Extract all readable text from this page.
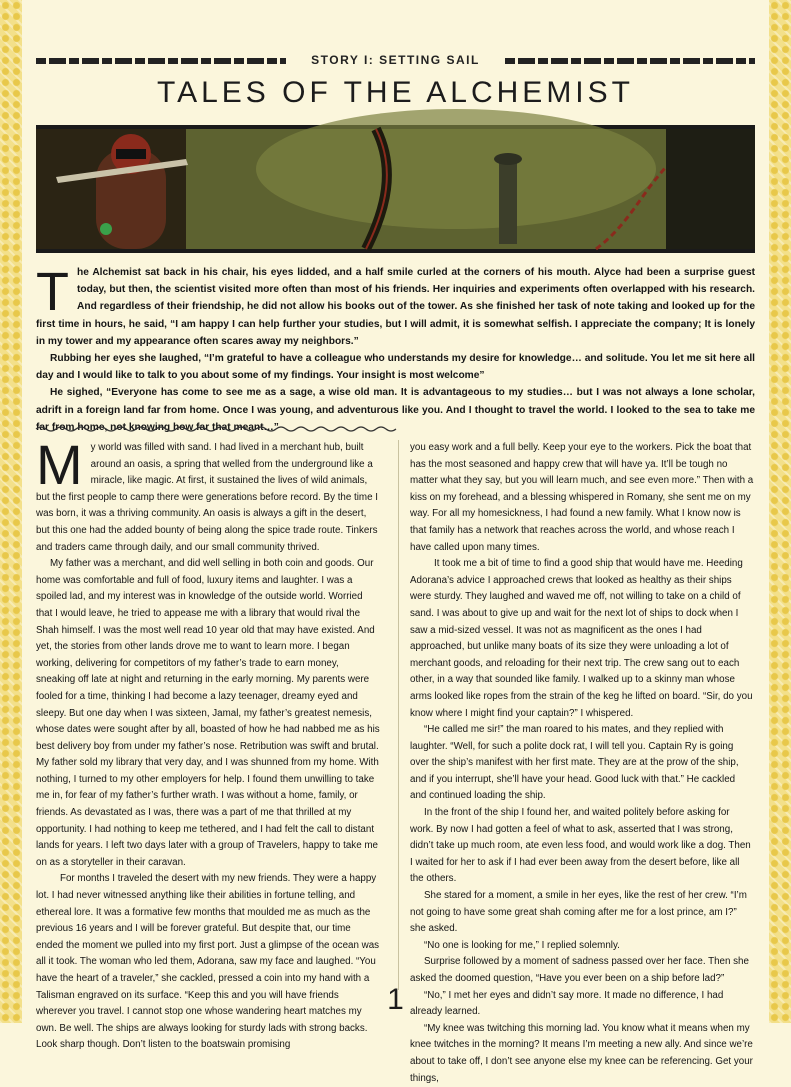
STORY I: SETTING SAIL
TALES OF THE ALCHEMIST

The Alchemist sat back in his chair, his eyes lidded, and a half smile curled at the corners of his mouth. Alyce had been a surprise guest today, but then, the scientist visited more often than most of his friends. Her inquiries and experiments often overlapped with his research. And regardless of their friendship, he did not allow his books out of the tower. As she finished her task of note taking and looked up for the first time in hours, he said, “I am happy I can help further your studies, but I will admit, it is somewhat selfish. I appreciate the company; It is lonely in my tower and my appearance often scares away my neighbors.”

Rubbing her eyes she laughed, “I’m grateful to have a colleague who understands my desire for knowledge… and solitude. You let me sit here all day and I would like to talk to you about some of my findings. Your insight is most welcome”

He sighed, “Everyone has come to see me as a sage, a wise old man. It is advantageous to my studies… but I was not always a lone scholar, adrift in a foreign land far from home. Once I was young, and adventurous like you. And I thought to travel the world. I looked to the sea to take me far from home, not knowing how far that meant…”

My world was filled with sand. I had lived in a merchant hub, built around an oasis, a spring that welled from the underground like a miracle, like magic. At first, it sustained the lives of wild animals, but the first people to camp there were generations before record. By the time I was born, it was a thriving community. An oasis is always a gift in the desert, but this one had the added bounty of being along the spice trade route. Tinkers and traders came through daily, and our small community thrived.

My father was a merchant, and did well selling in both coin and goods. Our home was comfortable and full of food, luxury items and laughter. I was a spoiled lad, and my interest was in knowledge of the outside world. Worried that I would leave, he tried to appease me with a library that would rival the Shah himself. I was the most well read 10 year old that may have existed. And yet, the stories from other lands drove me to want to learn more. I began working, delivering for competitors of my father’s trade to earn money, sneaking off late at night and returning in the early morning. My parents were fooled for a time, thinking I had become a lazy teenager, dreamy eyed and sleepy. But one day when I was sixteen, Jamal, my father’s greatest nemesis, whose dates were sought after by all, boasted of how he had nabbed me as his best delivery boy from under my father’s nose. Retribution was swift and brutal. My father sold my library that very day, and I was shunned from my home. With nothing, I turned to my other employers for help. I found them unwilling to take me in, for fear of my father’s further wrath. I was without a home, family, or friends. As devastated as I was, there was a part of me that thrilled at my opportunity. I had nothing to keep me tethered, and I had felt the call to distant lands for years. I left two days later with a group of Travelers, happy to take me on as a storyteller in their caravan.

For months I traveled the desert with my new friends. They were a happy lot. I had never witnessed anything like their abilities in fortune telling, and ethereal lore. It was a formative few months that moulded me as much as the previous 16 years and I will be forever grateful. But despite that, our time ended the moment we pulled into my first port. Just a glimpse of the ocean was all it took. The woman who led them, Adorana, saw my face and laughed. “You have the heart of a traveler,” she cackled, pressed a coin into my hand with a Talisman engraved on its surface. “Keep this and you will have friends wherever you travel. I cannot stop one whose wandering heart matches my own. Be well. The ships are always looking for sturdy lads with strong backs. Look sharp though. Don’t listen to the boatswain promising

you easy work and a full belly. Keep your eye to the workers. Pick the boat that has the most seasoned and happy crew that will have ya. It’ll be tough no matter what they say, but you will learn much, and see even more.” Then with a kiss on my forehead, and a blessing whispered in Romany, she sent me on my way. For all my homesickness, I had found a new family. What I know now is that family has a network that reaches across the world, and whose reach I have called upon many times.

It took me a bit of time to find a good ship that would have me. Heeding Adorana’s advice I approached crews that looked as healthy as their ships were sturdy. They laughed and waved me off, not willing to take on a child of sand. I was about to give up and wait for the next lot of ships to dock when I saw a mid-sized vessel. It was not as magnificent as the ones I had approached, but unlike many boats of its size they were unloading a lot of merchant goods, and reloading for their next trip. The crew sang out to each other, in a way that sounded like family. I walked up to a skinny man whose arms looked like ropes from the strain of the keg he lifted on board. “Sir, do you know where I might find your captain?” I whispered.

“He called me sir!” the man roared to his mates, and they replied with laughter. “Well, for such a polite dock rat, I will tell you. Captain Ry is going over the ship’s manifest with her first mate. They are at the prow of the ship, and if you interrupt, she’ll have your head. Good luck with that.” He cackled and continued loading the ship.

In the front of the ship I found her, and waited politely before asking for work. By now I had gotten a feel of what to ask, asserted that I was strong, didn’t take up much room, ate even less food, and would work like a dog. Then I waited for her to ask if I had ever been away from the desert before, like all the others.

She stared for a moment, a smile in her eyes, like the rest of her crew. “I’m not going to have some great shah coming after me for a lost prince, am I?” she asked.

“No one is looking for me,” I replied solemnly.

Surprise followed by a moment of sadness passed over her face. Then she asked the doomed question, “Have you ever been on a ship before lad?”

“No,” I met her eyes and didn’t say more. It made no difference, I had already learned.

“My knee was twitching this morning lad. You know what it means when my knee twitches in the morning? It means I’m meeting a new ally. And since we’re about to take off, I don’t see anyone else my knee can be referencing. Get your things,

1
